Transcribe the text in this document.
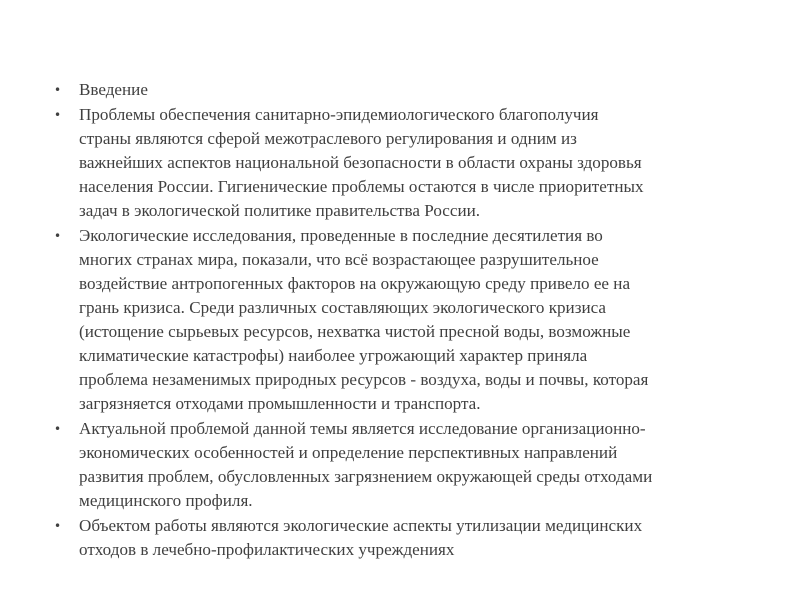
•	Введение
•	Проблемы обеспечения санитарно-эпидемиологического благополучия
страны являются сферой межотраслевого регулирования и одним из
важнейших аспектов национальной безопасности в области охраны здоровья
населения России. Гигиенические проблемы остаются в числе приоритетных
задач в экологической политике правительства России.
•	Экологические исследования, проведенные в последние десятилетия во
многих странах мира, показали, что всё возрастающее разрушительное
воздействие антропогенных факторов на окружающую среду привело ее на
грань кризиса. Среди различных составляющих экологического кризиса
(истощение сырьевых ресурсов, нехватка чистой пресной воды, возможные
климатические катастрофы) наиболее угрожающий характер приняла
проблема незаменимых природных ресурсов - воздуха, воды и почвы, которая
загрязняется отходами промышленности и транспорта.
•	Актуальной проблемой данной темы является исследование организационно-
экономических особенностей и определение перспективных направлений
развития проблем, обусловленных загрязнением окружающей среды отходами
медицинского профиля.
•	Объектом работы являются экологические аспекты утилизации медицинских
отходов в лечебно-профилактических учреждениях
